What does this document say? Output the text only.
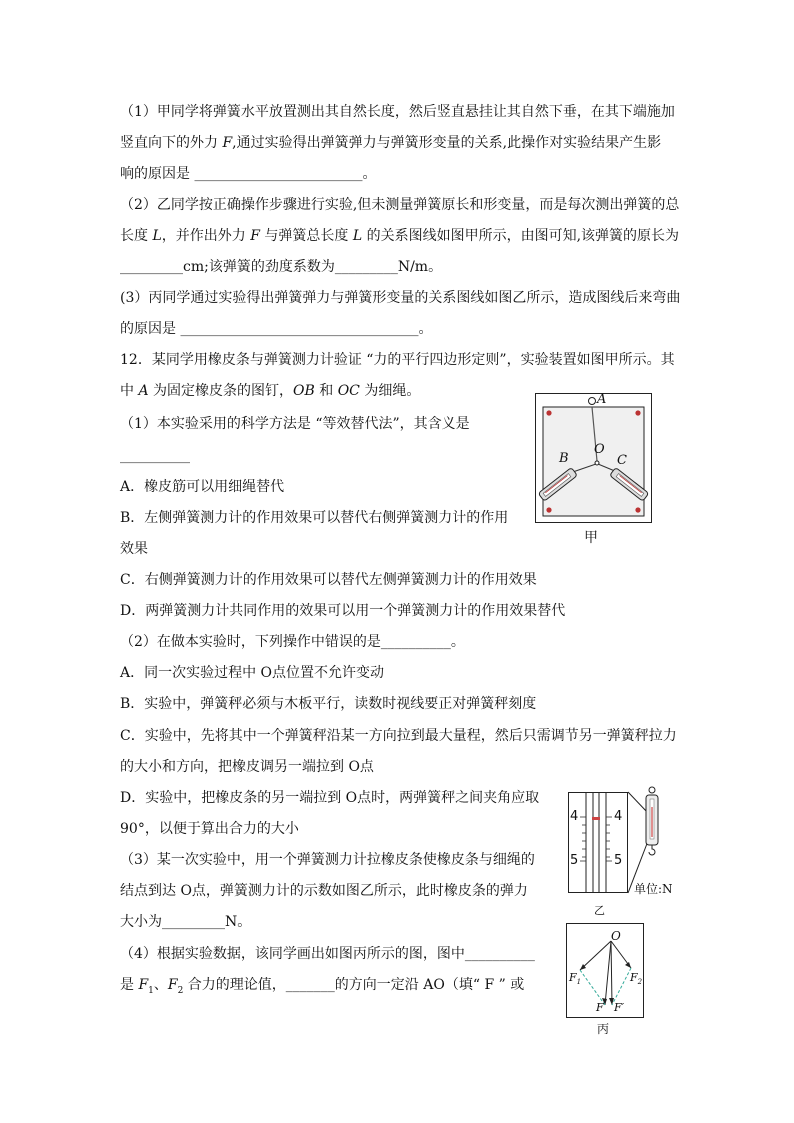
（1）甲同学将弹簧水平放置测出其自然长度，然后竖直悬挂让其自然下垂，在其下端施加
竖直向下的外力 F,通过实验得出弹簧弹力与弹簧形变量的关系,此操作对实验结果产生影
响的原因是 ________________________。
（2）乙同学按正确操作步骤进行实验,但未测量弹簧原长和形变量，而是每次测出弹簧的总
长度 L，并作出外力 F 与弹簧总长度 L 的关系图线如图甲所示，由图可知,该弹簧的原长为
_________cm;该弹簧的劲度系数为_________N/m。
(3）丙同学通过实验得出弹簧弹力与弹簧形变量的关系图线如图乙所示，造成图线后来弯曲
的原因是 __________________________________。
12．某同学用橡皮条与弹簧测力计验证 “力的平行四边形定则”，实验装置如图甲所示。其
中 A 为固定橡皮条的图钉，OB 和 OC 为细绳。
（1）本实验采用的科学方法是 “等效替代法”，其含义是
__________
A．橡皮筋可以用细绳替代
B．左侧弹簧测力计的作用效果可以替代右侧弹簧测力计的作用
效果
C．右侧弹簧测力计的作用效果可以替代左侧弹簧测力计的作用效果
D．两弹簧测力计共同作用的效果可以用一个弹簧测力计的作用效果替代
（2）在做本实验时，下列操作中错误的是__________。
A．同一次实验过程中 O点位置不允许变动
B．实验中，弹簧秤必须与木板平行，读数时视线要正对弹簧秤刻度
C．实验中，先将其中一个弹簧秤沿某一方向拉到最大量程，然后只需调节另一弹簧秤拉力
的大小和方向，把橡皮调另一端拉到 O点
D．实验中，把橡皮条的另一端拉到 O点时，两弹簧秤之间夹角应取
90°，以便于算出合力的大小
（3）某一次实验中，用一个弹簧测力计拉橡皮条使橡皮条与细绳的
结点到达 O点，弹簧测力计的示数如图乙所示，此时橡皮条的弹力
大小为_________N。
（4）根据实验数据，该同学画出如图丙所示的图，图中__________
是 $F_1$、$F_2$ 合力的理论值，_______的方向一定沿 AO（填“ F ” 或
A
B
O
C
甲
4
5
4
5
单位:N
乙
O
$F_1$	$F_2$
F F′
丙
